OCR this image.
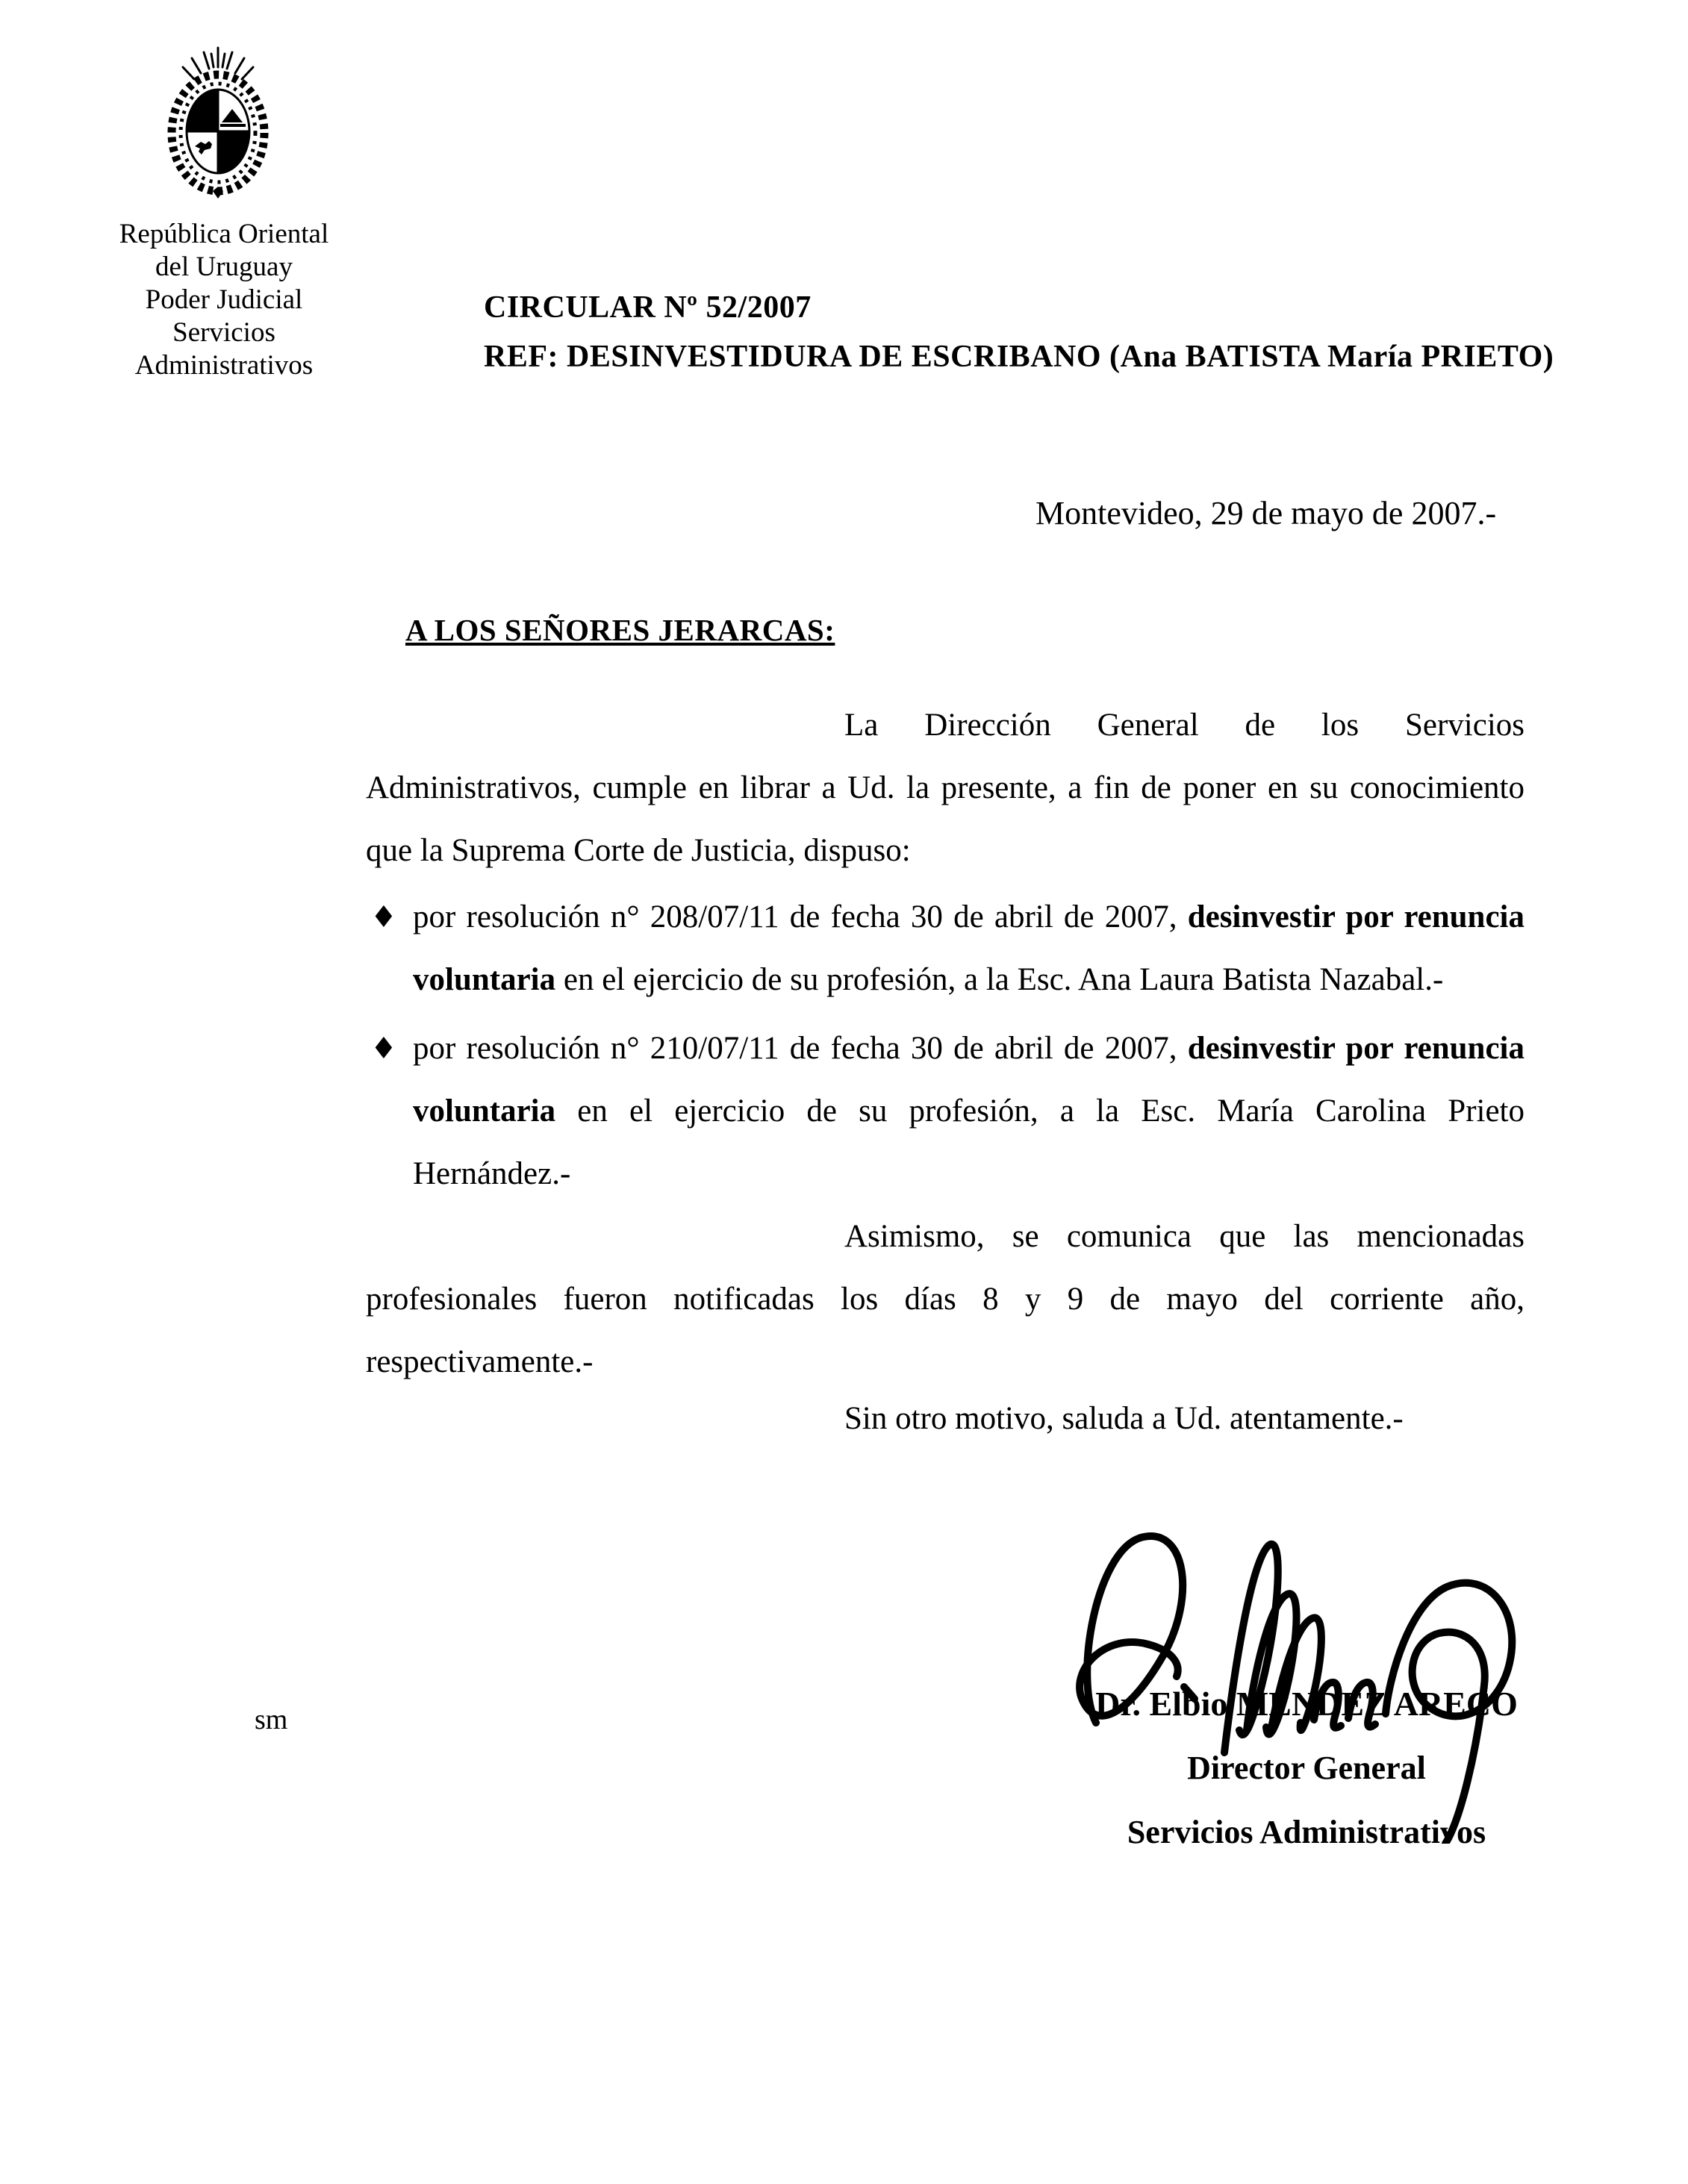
República Oriental
del Uruguay
Poder Judicial
Servicios
Administrativos
CIRCULAR Nº 52/2007
REF: DESINVESTIDURA DE ESCRIBANO (Ana BATISTA María PRIETO)
Montevideo, 29 de mayo de 2007.-
A LOS SEÑORES JERARCAS:

La Dirección General de los Servicios Administrativos, cumple en librar a Ud. la presente, a fin de poner en su conocimiento que la Suprema Corte de Justicia, dispuso:

♦ por resolución n° 208/07/11 de fecha 30 de abril de 2007, desinvestir por renuncia voluntaria en el ejercicio de su profesión, a la Esc. Ana Laura Batista Nazabal.-
♦ por resolución n° 210/07/11 de fecha 30 de abril de 2007, desinvestir por renuncia voluntaria en el ejercicio de su profesión, a la Esc. María Carolina Prieto Hernández.-

Asimismo, se comunica que las mencionadas profesionales fueron notificadas los días 8 y 9 de mayo del corriente año, respectivamente.-

Sin otro motivo, saluda a Ud. atentamente.-

Dr. Elbio MENDEZ ARECO
Director General
Servicios Administrativos
sm
